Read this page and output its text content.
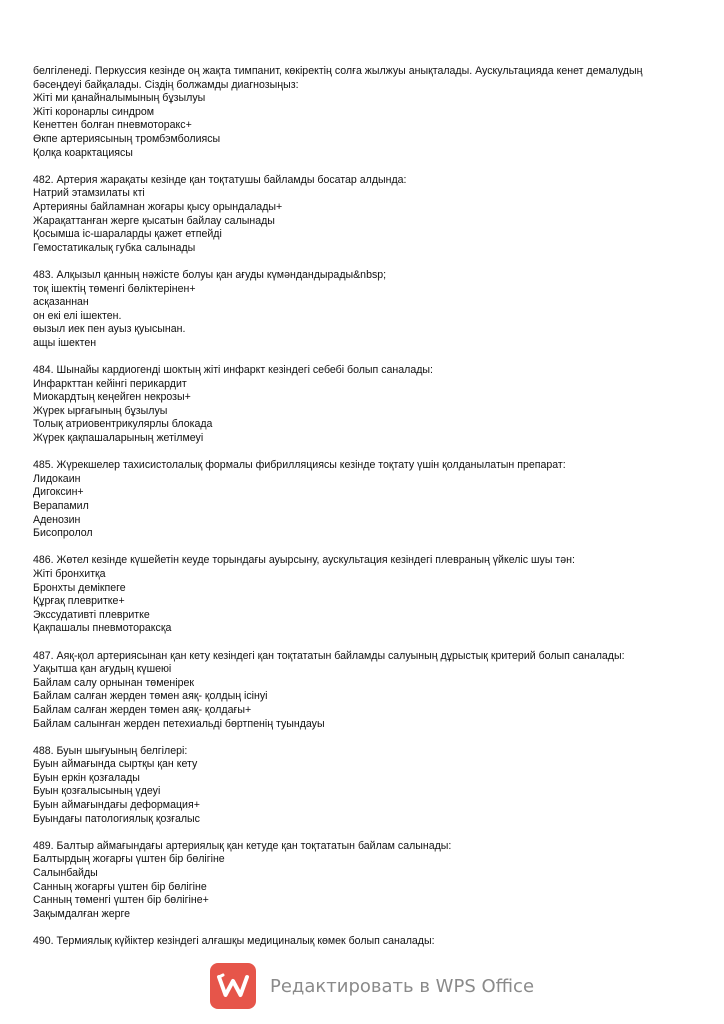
белгіленеді. Перкуссия кезінде оң жақта тимпанит, көкіректің солға жылжуы анықталады. Аускультацияда кенет демалудың
бәсеңдеуі байқалады. Сіздің болжамды диагнозыңыз:
Жіті ми қанайналымының бұзылуы
Жіті коронарлы синдром
Кенеттен болған пневмоторакс+
Өкпе артериясының тромбэмболиясы
Қолқа коарктациясы
482. Артерия жарақаты кезінде қан тоқтатушы байламды босатар алдында:
Натрий этамзилаты кті
Артерияны байламнан жоғары қысу орындалады+
Жарақаттанған жерге қысатын байлау салынады
Қосымша іс-шараларды қажет етпейді
Гемостатикалық губка салынады
483. Алқызыл қанның нәжісте болуы қан ағуды күмәндандырады&nbsp;
тоқ ішектің төменгі бөліктерінен+
асқазаннан
он екі елі ішектен.
өызыл иек пен ауыз қуысынан.
ащы ішектен
484. Шынайы кардиогенді шоктың жіті инфаркт кезіндегі себебі болып саналады:
Инфаркттан кейінгі перикардит
Миокардтың кеңейген некрозы+
Жүрек ырғағының бұзылуы
Толық атриовентрикулярлы блокада
Жүрек қақпашаларының жетілмеуі
485. Жүрекшелер тахисистолалық формалы фибрилляциясы кезінде тоқтату үшін қолданылатын препарат:
Лидокаин
Дигоксин+
Верапамил
Аденозин
Бисопролол
486. Жөтел кезінде күшейетін кеуде торындағы ауырсыну, аускультация кезіндегі плевраның үйкеліс шуы тән:
Жіті бронхитқа
Бронхты демікпеге
Құрғақ плевритке+
Экссудативті плевритке
Қақпашалы пневмотораксқа
487. Аяқ-қол артериясынан қан кету кезіндегі қан тоқтататын байламды салуының дұрыстық критерий болып саналады:
Уақытша қан ағудың күшеюі
Байлам салу орнынан төменірек
Байлам салған жерден төмен аяқ- қолдың ісінуі
Байлам салған жерден төмен аяқ- қолдағы+
Байлам салынған жерден петехиальді бөртпенің туындауы
488. Буын шығуының белгілері:
Буын аймағында сыртқы қан кету
Буын еркін қозғалады
Буын қозғалысының үдеуі
Буын аймағындағы деформация+
Буындағы патологиялық қозғалыс
489. Балтыр аймағындағы артериялық қан кетуде қан тоқтататын байлам салынады:
Балтырдың жоғарғы үштен бір бөлігіне
Салынбайды
Санның жоғарғы үштен бір бөлігіне
Санның төменгі үштен бір бөлігіне+
Зақымдалған жерге
490. Термиялық күйіктер кезіндегі алғашқы медициналық көмек болып саналады:
Редактировать в WPS Office
